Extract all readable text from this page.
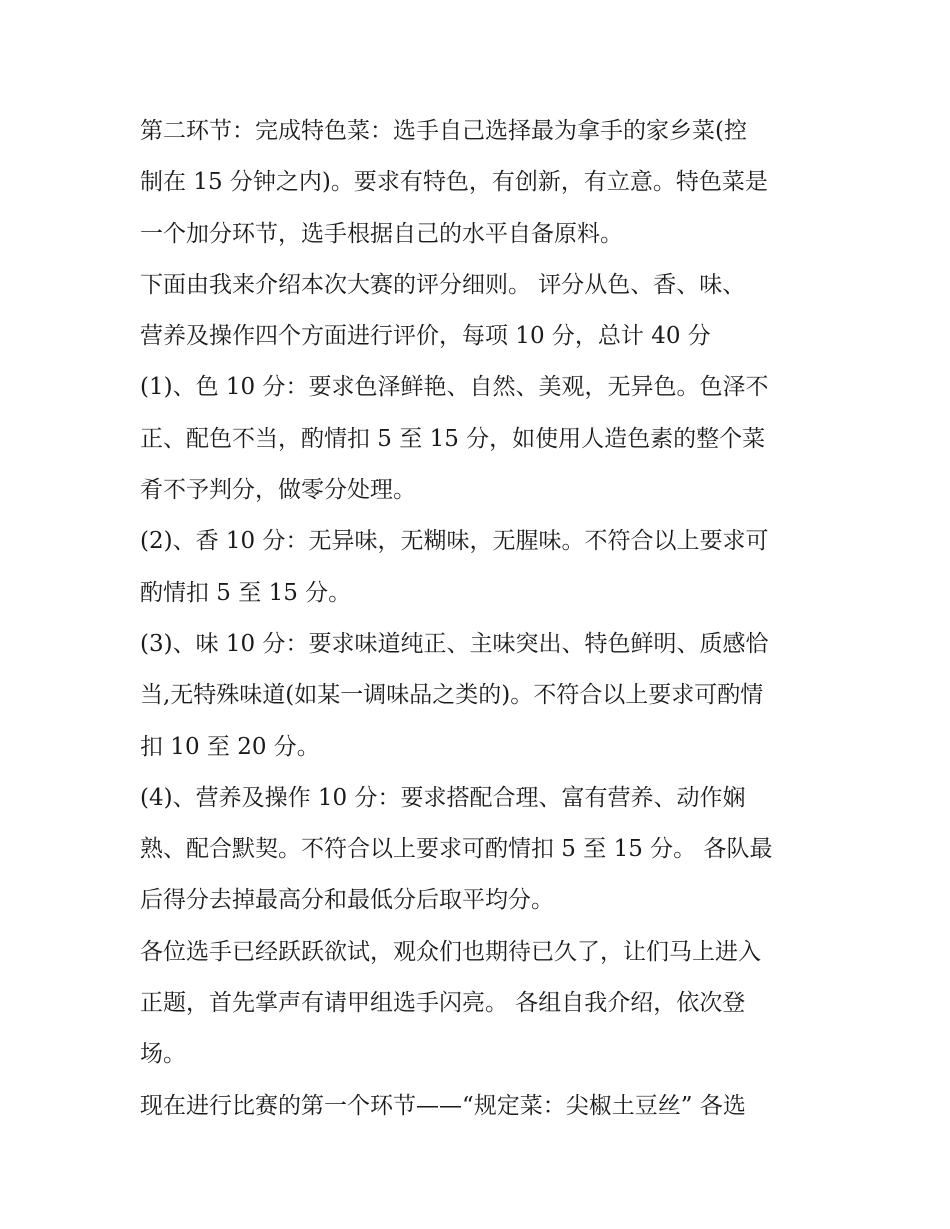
第二环节：完成特色菜：选手自己选择最为拿手的家乡菜(控
制在 15 分钟之内)。要求有特色，有创新，有立意。特色菜是
一个加分环节，选手根据自己的水平自备原料。
下面由我来介绍本次大赛的评分细则。 评分从色、香、味、
营养及操作四个方面进行评价，每项 10 分，总计 40 分
(1)、色 10 分：要求色泽鲜艳、自然、美观，无异色。色泽不
正、配色不当，酌情扣 5 至 15 分，如使用人造色素的整个菜
肴不予判分，做零分处理。
(2)、香 10 分：无异味，无糊味，无腥味。不符合以上要求可
酌情扣 5 至 15 分。
(3)、味 10 分：要求味道纯正、主味突出、特色鲜明、质感恰
当,无特殊味道(如某一调味品之类的)。不符合以上要求可酌情
扣 10 至 20 分。
(4)、营养及操作 10 分：要求搭配合理、富有营养、动作娴
熟、配合默契。不符合以上要求可酌情扣 5 至 15 分。 各队最
后得分去掉最高分和最低分后取平均分。
各位选手已经跃跃欲试，观众们也期待已久了，让们马上进入
正题，首先掌声有请甲组选手闪亮。 各组自我介绍，依次登
场。
现在进行比赛的第一个环节——“规定菜：尖椒土豆丝” 各选
